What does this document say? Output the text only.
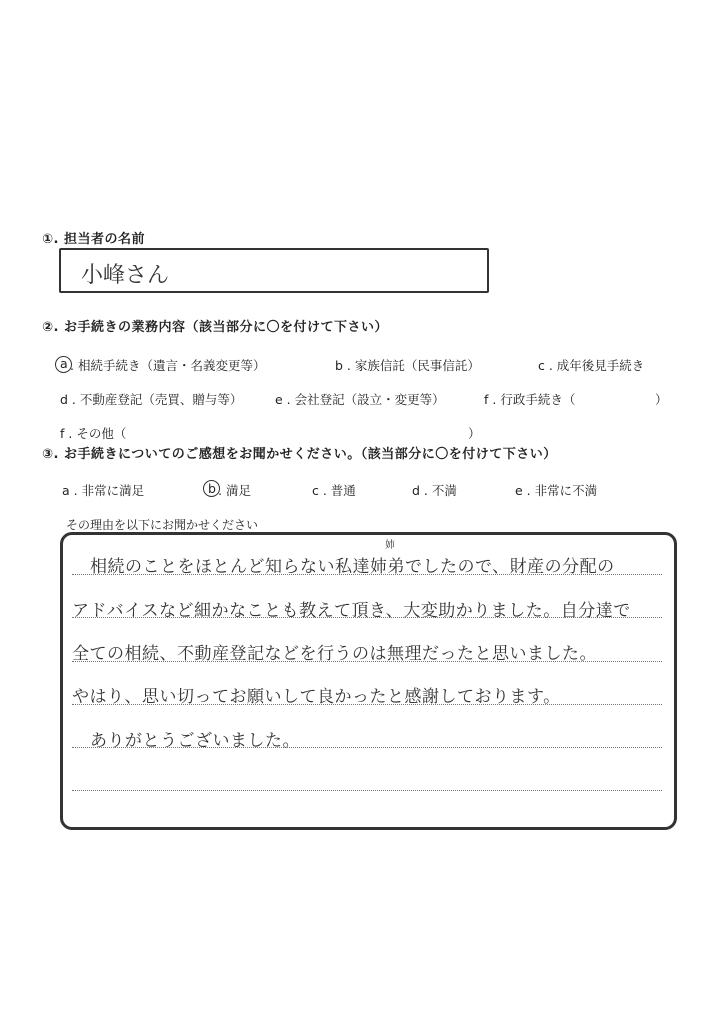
①. 担当者の名前
小峰さん
②. お手続きの業務内容（該当部分に〇を付けて下さい）
a . 相続手続き（遺言・名義変更等）	b . 家族信託（民事信託）	c . 成年後見手続き
d . 不動産登記（売買、贈与等）	e . 会社登記（設立・変更等）	f . 行政手続き（	）
f . その他（	）
③. お手続きについてのご感想をお聞かせください。（該当部分に〇を付けて下さい）
a . 非常に満足	b . 満足	c . 普通	d . 不満	e . 非常に不満
その理由を以下にお聞かせください
姉
相続のことをほとんど知らない私達姉弟でしたので、財産の分配の
アドバイスなど細かなことも教えて頂き、大変助かりました。自分達で
全ての相続、不動産登記などを行うのは無理だったと思いました。
やはり、思い切ってお願いして良かったと感謝しております。
ありがとうございました。
